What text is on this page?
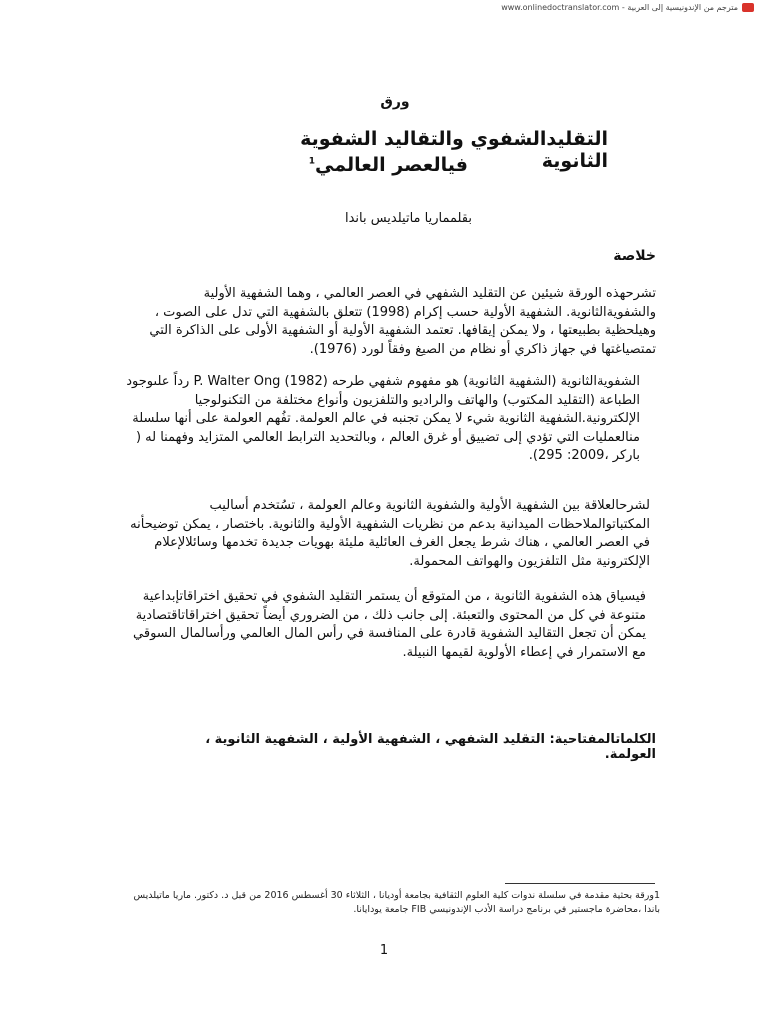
مترجم من الإندونيسية إلى العربية - www.onlinedoctranslator.com
ورق
التقليدالشفوي والتقاليد الشفوية الثانوية
فيالعصر العالمي$^1$
بقلمماريا ماتيلديس باندا
خلاصة
تشرحهذه الورقة شيئين عن التقليد الشفهي في العصر العالمي ، وهما الشفهية الأولية والشفويةالثانوية. الشفهية الأولية حسب إكرام (1998) تتعلق بالشفهية التي تدل على الصوت ، وهيلحظية بطبيعتها ، ولا يمكن إيقافها. تعتمد الشفهية الأولية أو الشفهية الأولى على الذاكرة التي تمتصياغتها في جهاز ذاكري أو نظام من الصيغ وفقاً لورد (1976).
الشفويةالثانوية (الشفهية الثانوية) هو مفهوم شفهي طرحه P. Walter Ong (1982) رداً علىوجود الطباعة (التقليد المكتوب) والهاتف والراديو والتلفزيون وأنواع مختلفة من التكنولوجيا الإلكترونية.الشفهية الثانوية شيء لا يمكن تجنبه في عالم العولمة. تفُهم العولمة على أنها سلسلة منالعمليات التي تؤدي إلى تضييق أو غرق العالم ، وبالتحديد الترابط العالمي المتزايد وفهمنا له ( باركر ،2009: 295).
لشرحالعلاقة بين الشفهية الأولية والشفوية الثانوية وعالم العولمة ، تسُتخدم أساليب المكتباتوالملاحظات الميدانية بدعم من نظريات الشفهية الأولية والثانوية. باختصار ، يمكن توضيحأنه في العصر العالمي ، هناك شرط يجعل الغرف العائلية مليئة بهويات جديدة تخدمها وسائلالإعلام الإلكترونية مثل التلفزيون والهواتف المحمولة.
فيسياق هذه الشفوية الثانوية ، من المتوقع أن يستمر التقليد الشفوي في تحقيق اختراقاتإبداعية متنوعة في كل من المحتوى والتعبئة. إلى جانب ذلك ، من الضروري أيضاً تحقيق اختراقاتاقتصادية يمكن أن تجعل التقاليد الشفوية قادرة على المنافسة في رأس المال العالمي ورأسالمال السوقي مع الاستمرار في إعطاء الأولوية لقيمها النبيلة.
الكلماتالمفتاحية: التقليد الشفهي ، الشفهية الأولية ، الشفهية الثانوية ، العولمة.
1ورقة بحثية مقدمة في سلسلة ندوات كلية العلوم الثقافية بجامعة أوديانا ، الثلاثاء 30 أغسطس 2016 من قبل د. دكتور. ماريا ماتيلديس باندا ،محاضرة ماجستير في برنامج دراسة الأدب الإندونيسي FIB جامعة يودايانا.
1
